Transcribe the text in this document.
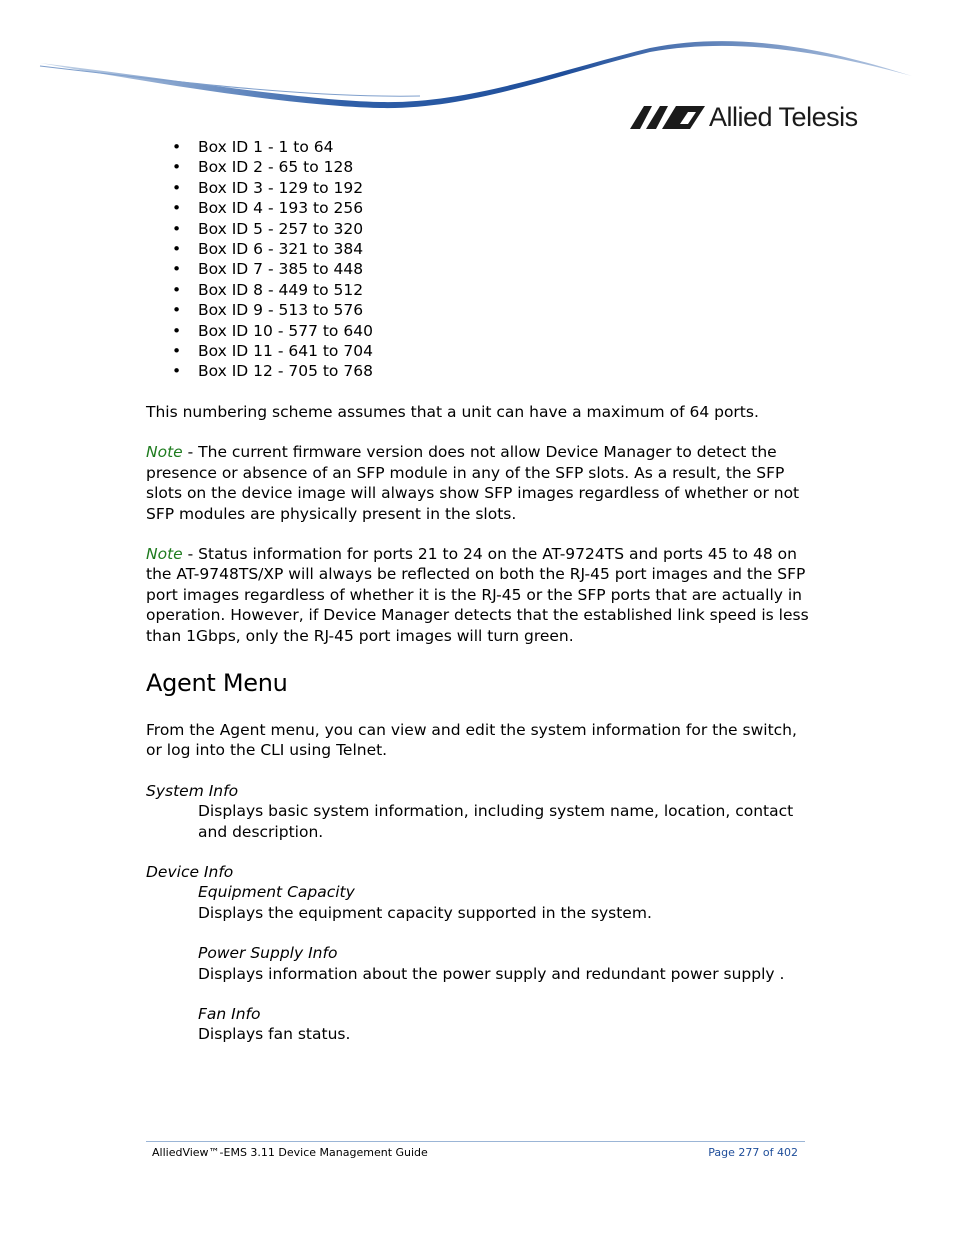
Allied Telesis
• Box ID 1 - 1 to 64
• Box ID 2 - 65 to 128
• Box ID 3 - 129 to 192
• Box ID 4 - 193 to 256
• Box ID 5 - 257 to 320
• Box ID 6 - 321 to 384
• Box ID 7 - 385 to 448
• Box ID 8 - 449 to 512
• Box ID 9 - 513 to 576
• Box ID 10 - 577 to 640
• Box ID 11 - 641 to 704
• Box ID 12 - 705 to 768

This numbering scheme assumes that a unit can have a maximum of 64 ports.

Note - The current firmware version does not allow Device Manager to detect the presence or absence of an SFP module in any of the SFP slots. As a result, the SFP slots on the device image will always show SFP images regardless of whether or not SFP modules are physically present in the slots.

Note - Status information for ports 21 to 24 on the AT-9724TS and ports 45 to 48 on the AT-9748TS/XP will always be reflected on both the RJ-45 port images and the SFP port images regardless of whether it is the RJ-45 or the SFP ports that are actually in operation. However, if Device Manager detects that the established link speed is less than 1Gbps, only the RJ-45 port images will turn green.

Agent Menu

From the Agent menu, you can view and edit the system information for the switch, or log into the CLI using Telnet.

System Info
Displays basic system information, including system name, location, contact and description.
Device Info
Equipment Capacity
Displays the equipment capacity supported in the system.
Power Supply Info
Displays information about the power supply and redundant power supply .
Fan Info
Displays fan status.
AlliedView™-EMS 3.11 Device Management Guide	Page 277 of 402
